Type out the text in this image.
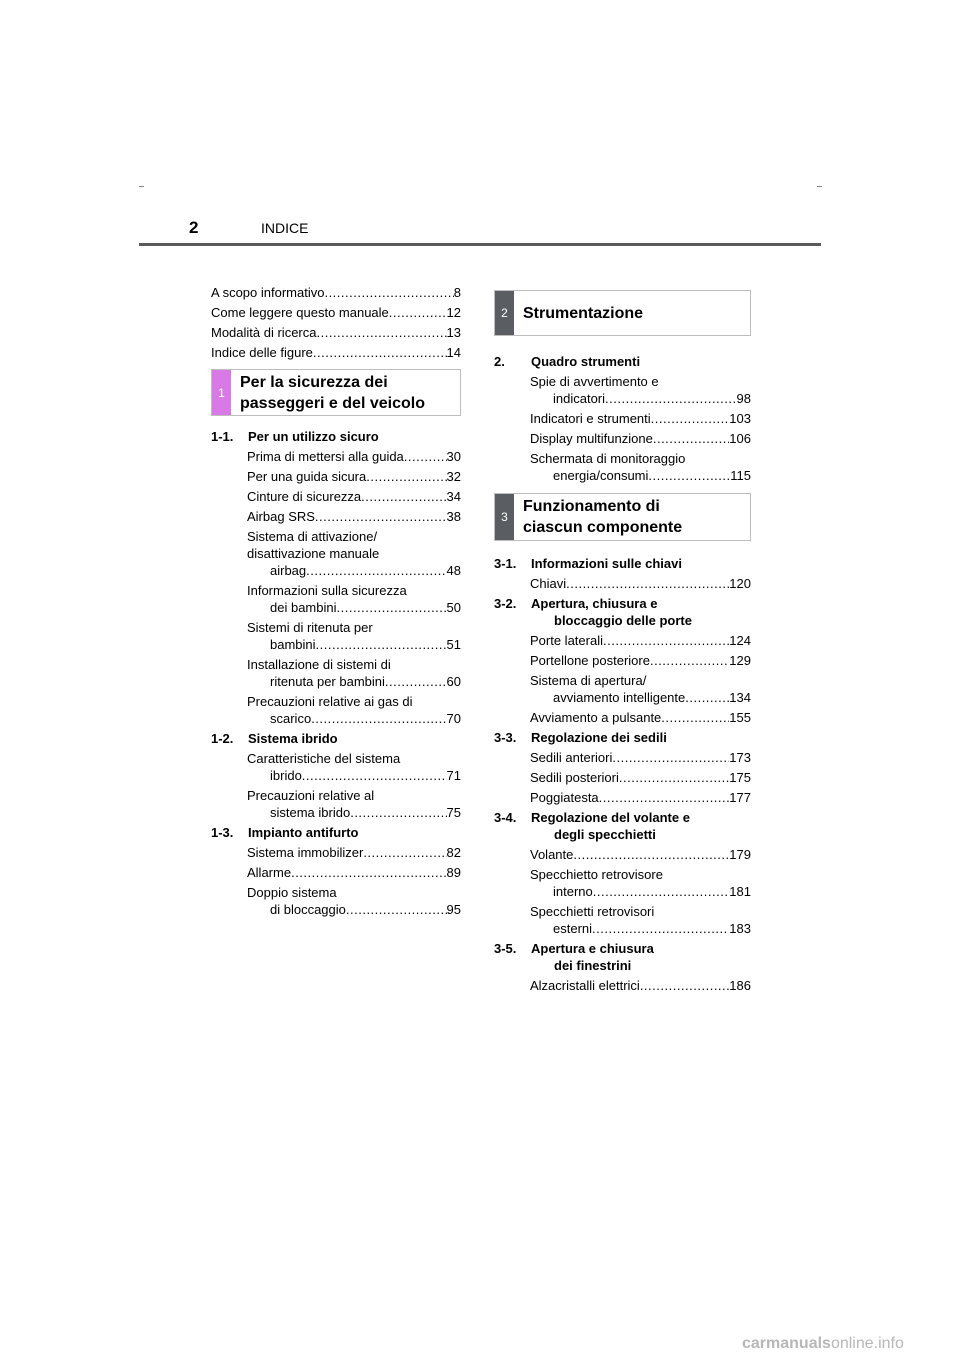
2	INDICE
A scopo informativo .....	8
Come leggere questo manuale .....	12
Modalità di ricerca .....	13
Indice delle figure .....	14
1
Per la sicurezza dei
passeggeri e del veicolo
1-1.	Per un utilizzo sicuro
Prima di mettersi alla guida .....	30
Per una guida sicura .....	32
Cinture di sicurezza .....	34
Airbag SRS .....	38
Sistema di attivazione/
disattivazione manuale
airbag .....	48
Informazioni sulla sicurezza
dei bambini .....	50
Sistemi di ritenuta per
bambini .....	51
Installazione di sistemi di
ritenuta per bambini .....	60
Precauzioni relative ai gas di
scarico .....	70
1-2.	Sistema ibrido
Caratteristiche del sistema
ibrido .....	71
Precauzioni relative al
sistema ibrido .....	75
1-3.	Impianto antifurto
Sistema immobilizer .....	82
Allarme .....	89
Doppio sistema
di bloccaggio .....	95
2 Strumentazione
2.	Quadro strumenti
Spie di avvertimento e
indicatori .....	98
Indicatori e strumenti .....	103
Display multifunzione .....	106
Schermata di monitoraggio
energia/consumi .....	115
3
Funzionamento di
ciascun componente
3-1.	Informazioni sulle chiavi
Chiavi .....	120
3-2.	Apertura, chiusura e
bloccaggio delle porte
Porte laterali .....	124
Portellone posteriore .....	129
Sistema di apertura/
avviamento intelligente .....	134
Avviamento a pulsante .....	155
3-3.	Regolazione dei sedili
Sedili anteriori .....	173
Sedili posteriori .....	175
Poggiatesta .....	177
3-4.	Regolazione del volante e
degli specchietti
Volante .....	179
Specchietto retrovisore
interno .....	181
Specchietti retrovisori
esterni .....	183
3-5.	Apertura e chiusura
dei finestrini
Alzacristalli elettrici .....	186
carmanualsonline.info
